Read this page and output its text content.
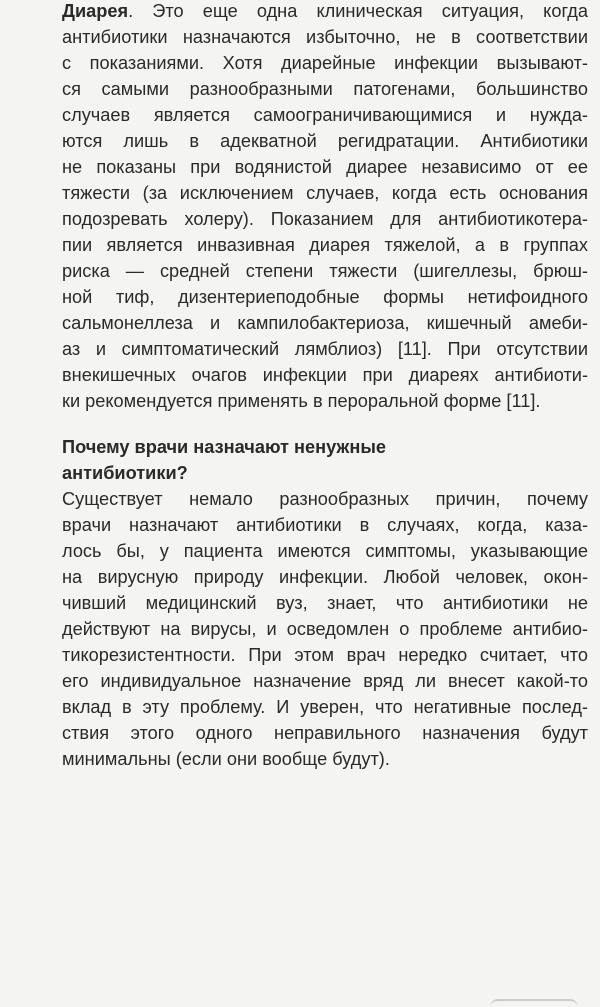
Диарея. Это еще одна клиническая ситуация, когда
антибиотики назначаются избыточно, не в соответствии
с показаниями. Хотя диарейные инфекции вызывают-
ся самыми разнообразными патогенами, большинство
случаев является самоограничивающимися и нужда-
ются лишь в адекватной регидратации. Антибиотики
не показаны при водянистой диарее независимо от ее
тяжести (за исключением случаев, когда есть основания
подозревать холеру). Показанием для антибиотикотера-
пии является инвазивная диарея тяжелой, а в группах
риска — средней степени тяжести (шигеллезы, брюш-
ной тиф, дизентериеподобные формы нетифоидного
сальмонеллеза и кампилобактериоза, кишечный амеби-
аз и симптоматический лямблиоз) [11]. При отсутствии
внекишечных очагов инфекции при диареях антибиоти-
ки рекомендуется применять в пероральной форме [11].
Почему врачи назначают ненужные
антибиотики?
Существует немало разнообразных причин, почему
врачи назначают антибиотики в случаях, когда, каза-
лось бы, у пациента имеются симптомы, указывающие
на вирусную природу инфекции. Любой человек, окон-
чивший медицинский вуз, знает, что антибиотики не
действуют на вирусы, и осведомлен о проблеме антибио-
тикорезистентности. При этом врач нередко считает, что
его индивидуальное назначение вряд ли внесет какой-то
вклад в эту проблему. И уверен, что негативные послед-
ствия этого одного неправильного назначения будут
минимальны (если они вообще будут).
